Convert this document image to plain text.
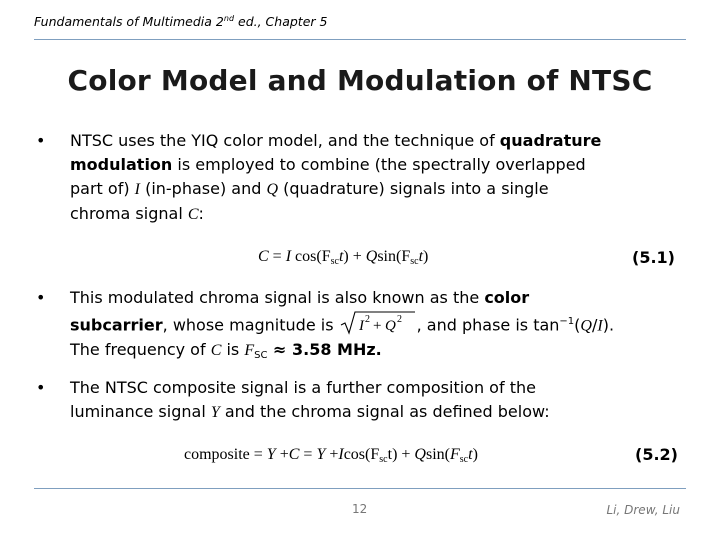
Fundamentals of Multimedia 2nd ed., Chapter 5
Color Model and Modulation of NTSC
• NTSC uses the YIQ color model, and the technique of quadrature
modulation is employed to combine (the spectrally overlapped
part of) I (in-phase) and Q (quadrature) signals into a single
chroma signal C:
C = I $\cos(F_{sc}t) + Qsin(F_{sc}t)$	(5.1)
• This modulated chroma signal is also known as the color
subcarrier, whose magnitude is I 2 + Q 2 , and phase is $\tan^{-1}(Q/I)$.
The frequency of C is $F_{SC} \approx 3.58$ MHz.
• The NTSC composite signal is a further composition of the
luminance signal Y and the chroma signal as defined below:
composite = $Y +C = Y +Icos(F_{sc}t) + Qsin(F_{sc}t)$	(5.2)
12	Li, Drew, Liu
